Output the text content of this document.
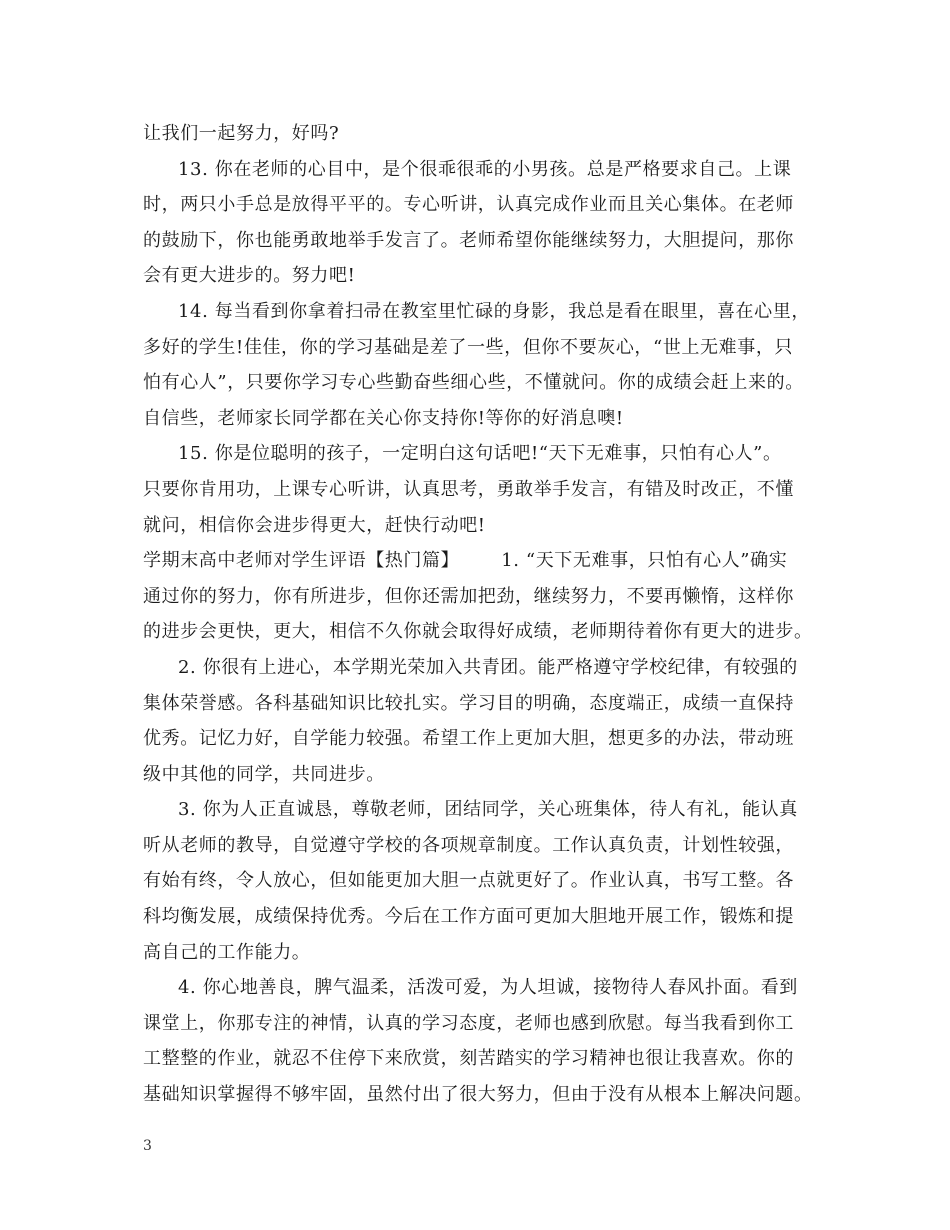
让我们一起努力，好吗?
13. 你在老师的心目中，是个很乖很乖的小男孩。总是严格要求自己。上课
时，两只小手总是放得平平的。专心听讲，认真完成作业而且关心集体。在老师
的鼓励下，你也能勇敢地举手发言了。老师希望你能继续努力，大胆提问，那你
会有更大进步的。努力吧!
14. 每当看到你拿着扫帚在教室里忙碌的身影，我总是看在眼里，喜在心里，
多好的学生!佳佳，你的学习基础是差了一些，但你不要灰心，“世上无难事，只
怕有心人”，只要你学习专心些勤奋些细心些，不懂就问。你的成绩会赶上来的。
自信些，老师家长同学都在关心你支持你!等你的好消息噢!
15. 你是位聪明的孩子，一定明白这句话吧!“天下无难事，只怕有心人”。
只要你肯用功，上课专心听讲，认真思考，勇敢举手发言，有错及时改正，不懂
就问，相信你会进步得更大，赶快行动吧!
学期末高中老师对学生评语【热门篇】 1. “天下无难事，只怕有心人”确实
通过你的努力，你有所进步，但你还需加把劲，继续努力，不要再懒惰，这样你
的进步会更快，更大，相信不久你就会取得好成绩，老师期待着你有更大的进步。
2. 你很有上进心，本学期光荣加入共青团。能严格遵守学校纪律，有较强的
集体荣誉感。各科基础知识比较扎实。学习目的明确，态度端正，成绩一直保持
优秀。记忆力好，自学能力较强。希望工作上更加大胆，想更多的办法，带动班
级中其他的同学，共同进步。
3. 你为人正直诚恳，尊敬老师，团结同学，关心班集体，待人有礼，能认真
听从老师的教导，自觉遵守学校的各项规章制度。工作认真负责，计划性较强，
有始有终，令人放心，但如能更加大胆一点就更好了。作业认真，书写工整。各
科均衡发展，成绩保持优秀。今后在工作方面可更加大胆地开展工作，锻炼和提
高自己的工作能力。
4. 你心地善良，脾气温柔，活泼可爱，为人坦诚，接物待人春风扑面。看到
课堂上，你那专注的神情，认真的学习态度，老师也感到欣慰。每当我看到你工
工整整的作业，就忍不住停下来欣赏，刻苦踏实的学习精神也很让我喜欢。你的
基础知识掌握得不够牢固，虽然付出了很大努力，但由于没有从根本上解决问题。
3
